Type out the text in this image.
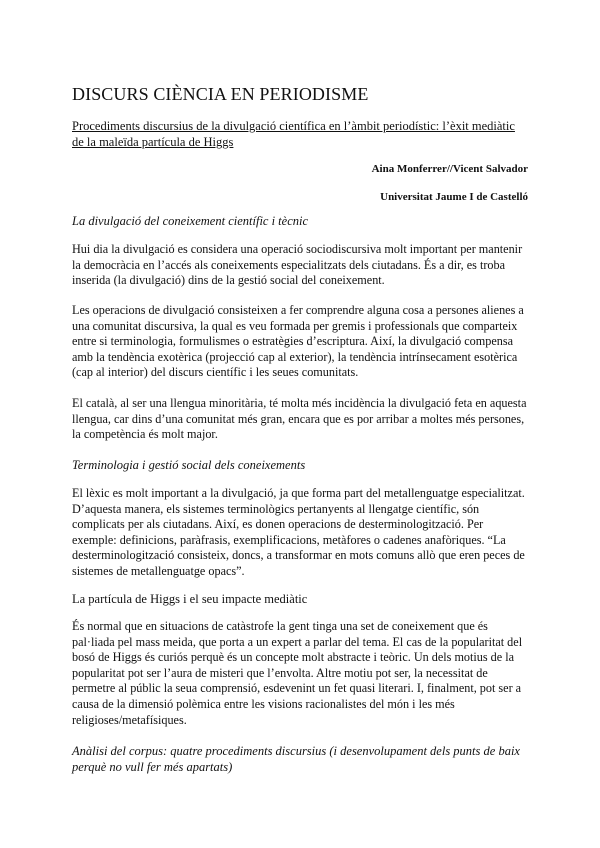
DISCURS CIÈNCIA EN PERIODISME

Procediments discursius de la divulgació científica en l’àmbit periodístic: l’èxit mediàtic de la maleïda partícula de Higgs

Aina Monferrer//Vicent Salvador

Universitat Jaume I de Castelló

La divulgació del coneixement científic i tècnic

Hui dia la divulgació es considera una operació sociodiscursiva molt important per mantenir la democràcia en l’accés als coneixements especialitzats dels ciutadans. És a dir, es troba inserida (la divulgació) dins de la gestió social del coneixement.

Les operacions de divulgació consisteixen a fer comprendre alguna cosa a persones alienes a una comunitat discursiva, la qual es veu formada per gremis i professionals que comparteix entre si terminologia, formulismes o estratègies d’escriptura. Així, la divulgació compensa amb la tendència exotèrica (projecció cap al exterior), la tendència intrínsecament esotèrica (cap al interior) del discurs científic i les seues comunitats.

El català, al ser una llengua minoritària, té molta més incidència la divulgació feta en aquesta llengua, car dins d’una comunitat més gran, encara que es por arribar a moltes més persones, la competència és molt major.

Terminologia i gestió social dels coneixements

El lèxic es molt important a la divulgació, ja que forma part del metallenguatge especialitzat. D’aquesta manera, els sistemes terminològics pertanyents al llengatge científic, són complicats per als ciutadans. Així, es donen operacions de desterminologització. Per exemple: definicions, paràfrasis, exemplificacions, metàfores o cadenes anafòriques. “La desterminologització consisteix, doncs, a transformar en mots comuns allò que eren peces de sistemes de metallenguatge opacs”.

La partícula de Higgs i el seu impacte mediàtic

És normal que en situacions de catàstrofe la gent tinga una set de coneixement que és pal·liada pel mass meida, que porta a un expert a parlar del tema. El cas de la popularitat del bosó de Higgs és curiós perquè és un concepte molt abstracte i teòric. Un dels motius de la popularitat pot ser l’aura de misteri que l’envolta. Altre motiu pot ser, la necessitat de permetre al públic la seua comprensió, esdevenint un fet quasi literari. I, finalment, pot ser a causa de la dimensió polèmica entre les visions racionalistes del món i les més religioses/metafísiques.

Anàlisi del corpus: quatre procediments discursius (i desenvolupament dels punts de baix perquè no vull fer més apartats)
